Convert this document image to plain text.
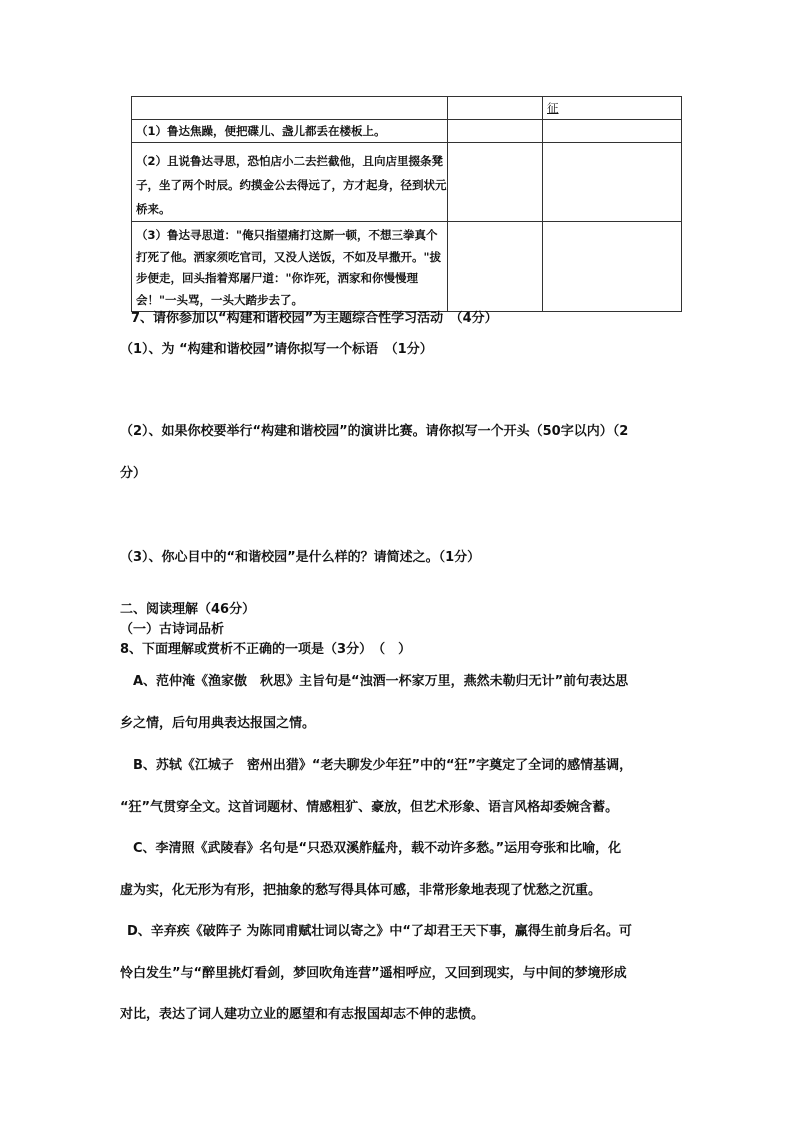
		征
（1）鲁达焦躁，便把碟儿、盏儿都丢在楼板上。		
（2）且说鲁达寻思，恐怕店小二去拦截他，且向店里掇条凳子，坐了两个时辰。约摸金公去得远了，方才起身，径到状元桥来。		
（3）鲁达寻思道："俺只指望痛打这厮一顿，不想三拳真个打死了他。洒家须吃官司，又没人送饭，不如及早撒开。"拔步便走，回头指着郑屠尸道："你诈死，洒家和你慢慢理会！"一头骂，一头大踏步去了。		
7、请你参加以“构建和谐校园”为主题综合性学习活动　（4分）
（1）、为 “构建和谐校园”请你拟写一个标语　（1分）
（2）、如果你校要举行“构建和谐校园”的演讲比赛。请你拟写一个开头（50字以内）（2
分）
（3）、你心目中的“和谐校园”是什么样的？请简述之。（1分）
二、阅读理解（46分）
（一）古诗词品析
8、下面理解或赏析不正确的一项是（3分）　（　）
A、范仲淹《渔家傲　秋思》主旨句是“浊酒一杯家万里，燕然未勒归无计”前句表达思
乡之情，后句用典表达报国之情。
B、苏轼《江城子　密州出猎》“老夫聊发少年狂”中的“狂”字奠定了全词的感情基调，
“狂”气贯穿全文。这首词题材、情感粗犷、豪放，但艺术形象、语言风格却委婉含蓄。
C、李清照《武陵春》名句是“只恐双溪舴艋舟，载不动许多愁。”运用夸张和比喻，化
虚为实，化无形为有形，把抽象的愁写得具体可感，非常形象地表现了忧愁之沉重。
D、辛弃疾《破阵子 为陈同甫赋壮词以寄之》中“了却君王天下事，赢得生前身后名。可
怜白发生”与“醉里挑灯看剑，梦回吹角连营”遥相呼应，又回到现实，与中间的梦境形成
对比，表达了词人建功立业的愿望和有志报国却志不伸的悲愤。
